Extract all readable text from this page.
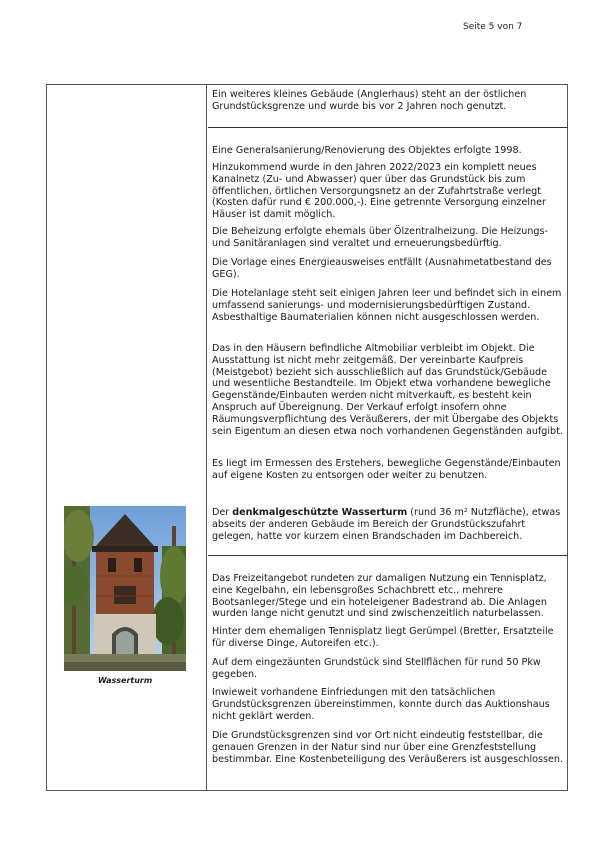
Seite 5 von 7
Wasserturm

Ein weiteres kleines Gebäude (Anglerhaus) steht an der östlichen Grundstücksgrenze und wurde bis vor 2 Jahren noch genutzt.

Eine Generalsanierung/Renovierung des Objektes erfolgte 1998.

Hinzukommend wurde in den Jahren 2022/2023 ein komplett neues Kanalnetz (Zu- und Abwasser) quer über das Grundstück bis zum öffentlichen, örtlichen Versorgungsnetz an der Zufahrtstraße verlegt (Kosten dafür rund € 200.000,-). Eine getrennte Versorgung einzelner Häuser ist damit möglich.

Die Beheizung erfolgte ehemals über Ölzentralheizung. Die Heizungs- und Sanitäranlagen sind veraltet und erneuerungsbedürftig.

Die Vorlage eines Energieausweises entfällt (Ausnahmetatbestand des GEG).

Die Hotelanlage steht seit einigen Jahren leer und befindet sich in einem umfassend sanierungs- und modernisierungsbedürftigen Zustand. Asbesthaltige Baumaterialien können nicht ausgeschlossen werden.

Das in den Häusern befindliche Altmobiliar verbleibt im Objekt. Die Ausstattung ist nicht mehr zeitgemäß. Der vereinbarte Kaufpreis (Meistgebot) bezieht sich ausschließlich auf das Grundstück/Gebäude und wesentliche Bestandteile. Im Objekt etwa vorhandene bewegliche Gegenstände/Einbauten werden nicht mitverkauft, es besteht kein Anspruch auf Übereignung. Der Verkauf erfolgt insofern ohne Räumungsverpflichtung des Veräußerers, der mit Übergabe des Objekts sein Eigentum an diesen etwa noch vorhandenen Gegenständen aufgibt.

Es liegt im Ermessen des Erstehers, bewegliche Gegenstände/Einbauten auf eigene Kosten zu entsorgen oder weiter zu benutzen.

Der denkmalgeschützte Wasserturm (rund 36 m² Nutzfläche), etwas abseits der anderen Gebäude im Bereich der Grundstückszufahrt gelegen, hatte vor kurzem einen Brandschaden im Dachbereich.

Das Freizeitangebot rundeten zur damaligen Nutzung ein Tennisplatz, eine Kegelbahn, ein lebensgroßes Schachbrett etc., mehrere Bootsanleger/Stege und ein hoteleigener Badestrand ab. Die Anlagen wurden lange nicht genutzt und sind zwischenzeitlich naturbelassen.

Hinter dem ehemaligen Tennisplatz liegt Gerümpel (Bretter, Ersatzteile für diverse Dinge, Autoreifen etc.).

Auf dem eingezäunten Grundstück sind Stellflächen für rund 50 Pkw gegeben.

Inwieweit vorhandene Einfriedungen mit den tatsächlichen Grundstücksgrenzen übereinstimmen, konnte durch das Auktionshaus nicht geklärt werden.

Die Grundstücksgrenzen sind vor Ort nicht eindeutig feststellbar, die genauen Grenzen in der Natur sind nur über eine Grenzfeststellung bestimmbar. Eine Kostenbeteiligung des Veräußerers ist ausgeschlossen.
